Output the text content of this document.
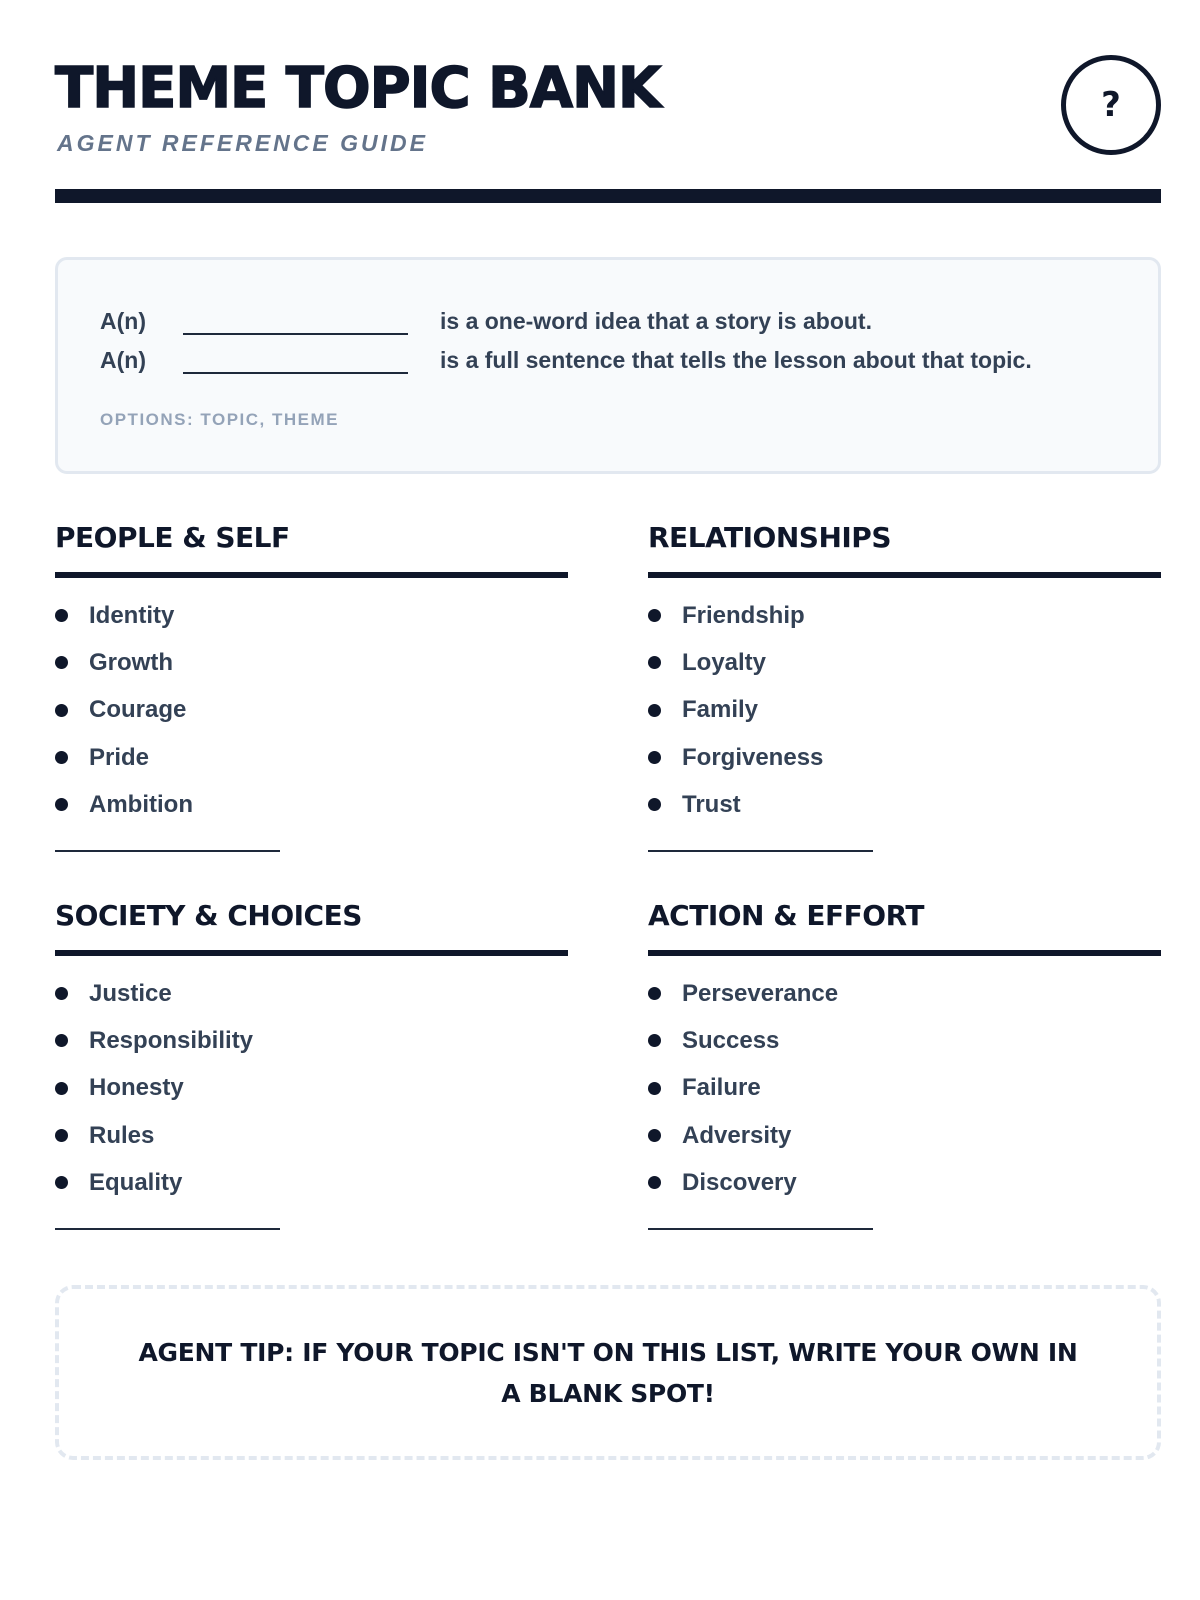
THEME TOPIC BANK
AGENT REFERENCE GUIDE
?
A(n)	is a one-word idea that a story is about.
A(n)	is a full sentence that tells the lesson about that topic.
OPTIONS: TOPIC, THEME
PEOPLE & SELF
Identity
Growth
Courage
Pride
Ambition
RELATIONSHIPS
Friendship
Loyalty
Family
Forgiveness
Trust
SOCIETY & CHOICES
Justice
Responsibility
Honesty
Rules
Equality
ACTION & EFFORT
Perseverance
Success
Failure
Adversity
Discovery
AGENT TIP: IF YOUR TOPIC ISN'T ON THIS LIST, WRITE YOUR OWN IN A BLANK SPOT!
